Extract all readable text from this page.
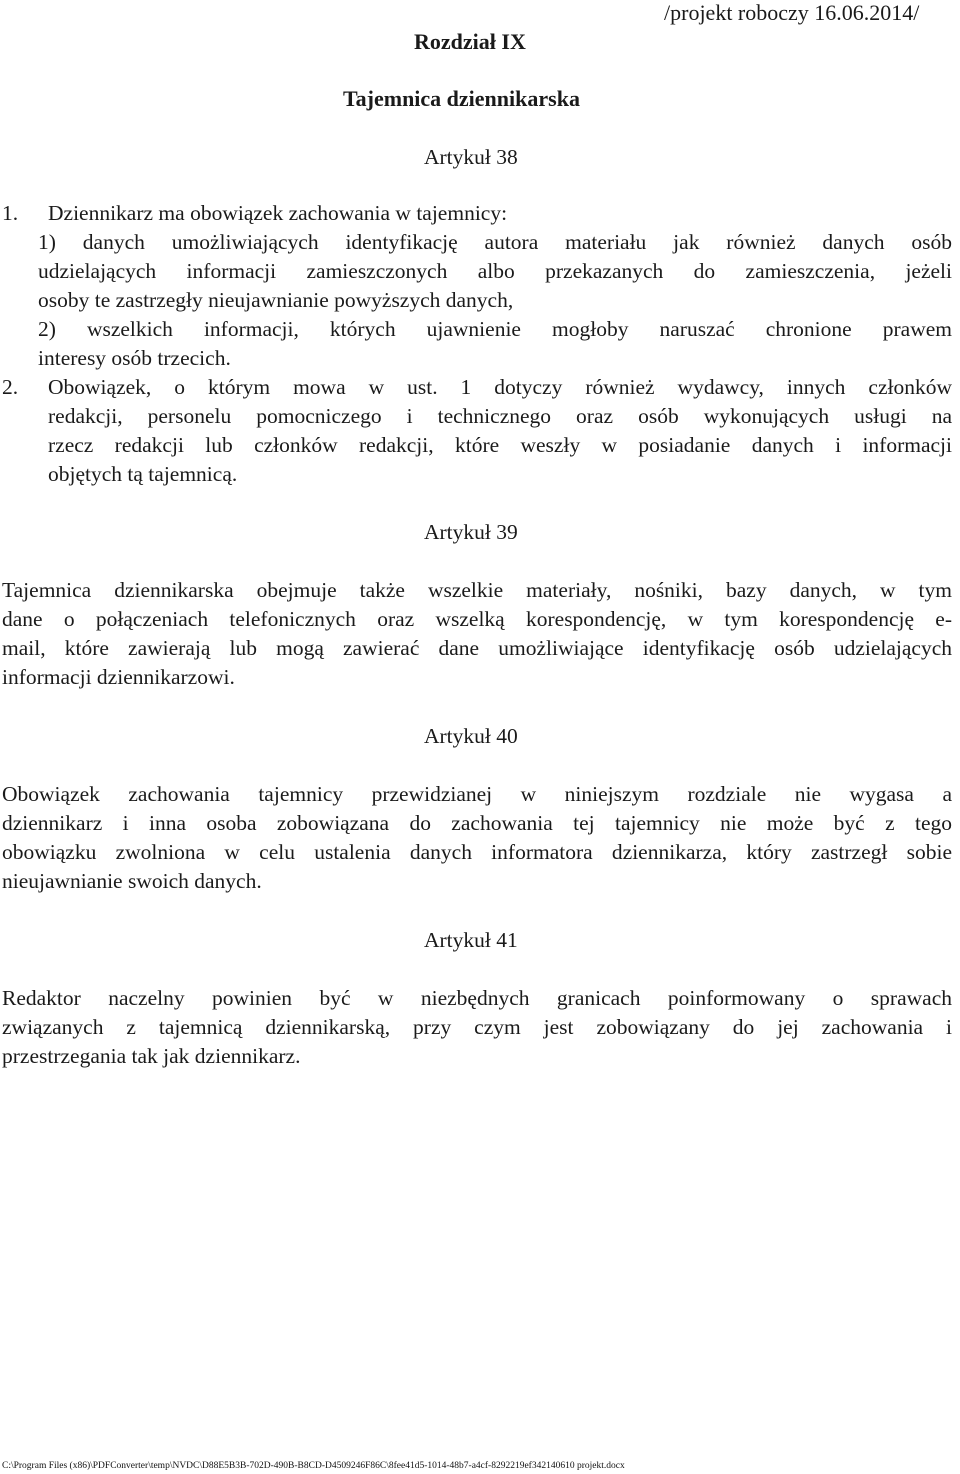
Rozdział IX
/projekt roboczy 16.06.2014/
Tajemnica dziennikarska
Artykuł 38
1. Dziennikarz ma obowiązek zachowania w tajemnicy:
1) danych umożliwiających identyfikację autora materiału jak również danych osób
udzielających informacji zamieszczonych albo przekazanych do zamieszczenia, jeżeli
osoby te zastrzegły nieujawnianie powyższych danych,
2) wszelkich informacji, których ujawnienie mogłoby naruszać chronione prawem
interesy osób trzecich.
2. Obowiązek, o którym mowa w ust. 1 dotyczy również wydawcy, innych członków
redakcji, personelu pomocniczego i technicznego oraz osób wykonujących usługi na
rzecz redakcji lub członków redakcji, które weszły w posiadanie danych i informacji
objętych tą tajemnicą.
Artykuł 39
Tajemnica dziennikarska obejmuje także wszelkie materiały, nośniki, bazy danych, w tym
dane o połączeniach telefonicznych oraz wszelką korespondencję, w tym korespondencję e-
mail, które zawierają lub mogą zawierać dane umożliwiające identyfikację osób udzielających
informacji dziennikarzowi.
Artykuł 40
Obowiązek zachowania tajemnicy przewidzianej w niniejszym rozdziale nie wygasa a
dziennikarz i inna osoba zobowiązana do zachowania tej tajemnicy nie może być z tego
obowiązku zwolniona w celu ustalenia danych informatora dziennikarza, który zastrzegł sobie
nieujawnianie swoich danych.
Artykuł 41
Redaktor naczelny powinien być w niezbędnych granicach poinformowany o sprawach
związanych z tajemnicą dziennikarską, przy czym jest zobowiązany do jej zachowania i
przestrzegania tak jak dziennikarz.
C:\Program Files (x86)\PDFConverter\temp\NVDC\D88E5B3B-702D-490B-B8CD-D4509246F86C\8fee41d5-1014-48b7-a4cf-8292219ef342140610 projekt.docx
